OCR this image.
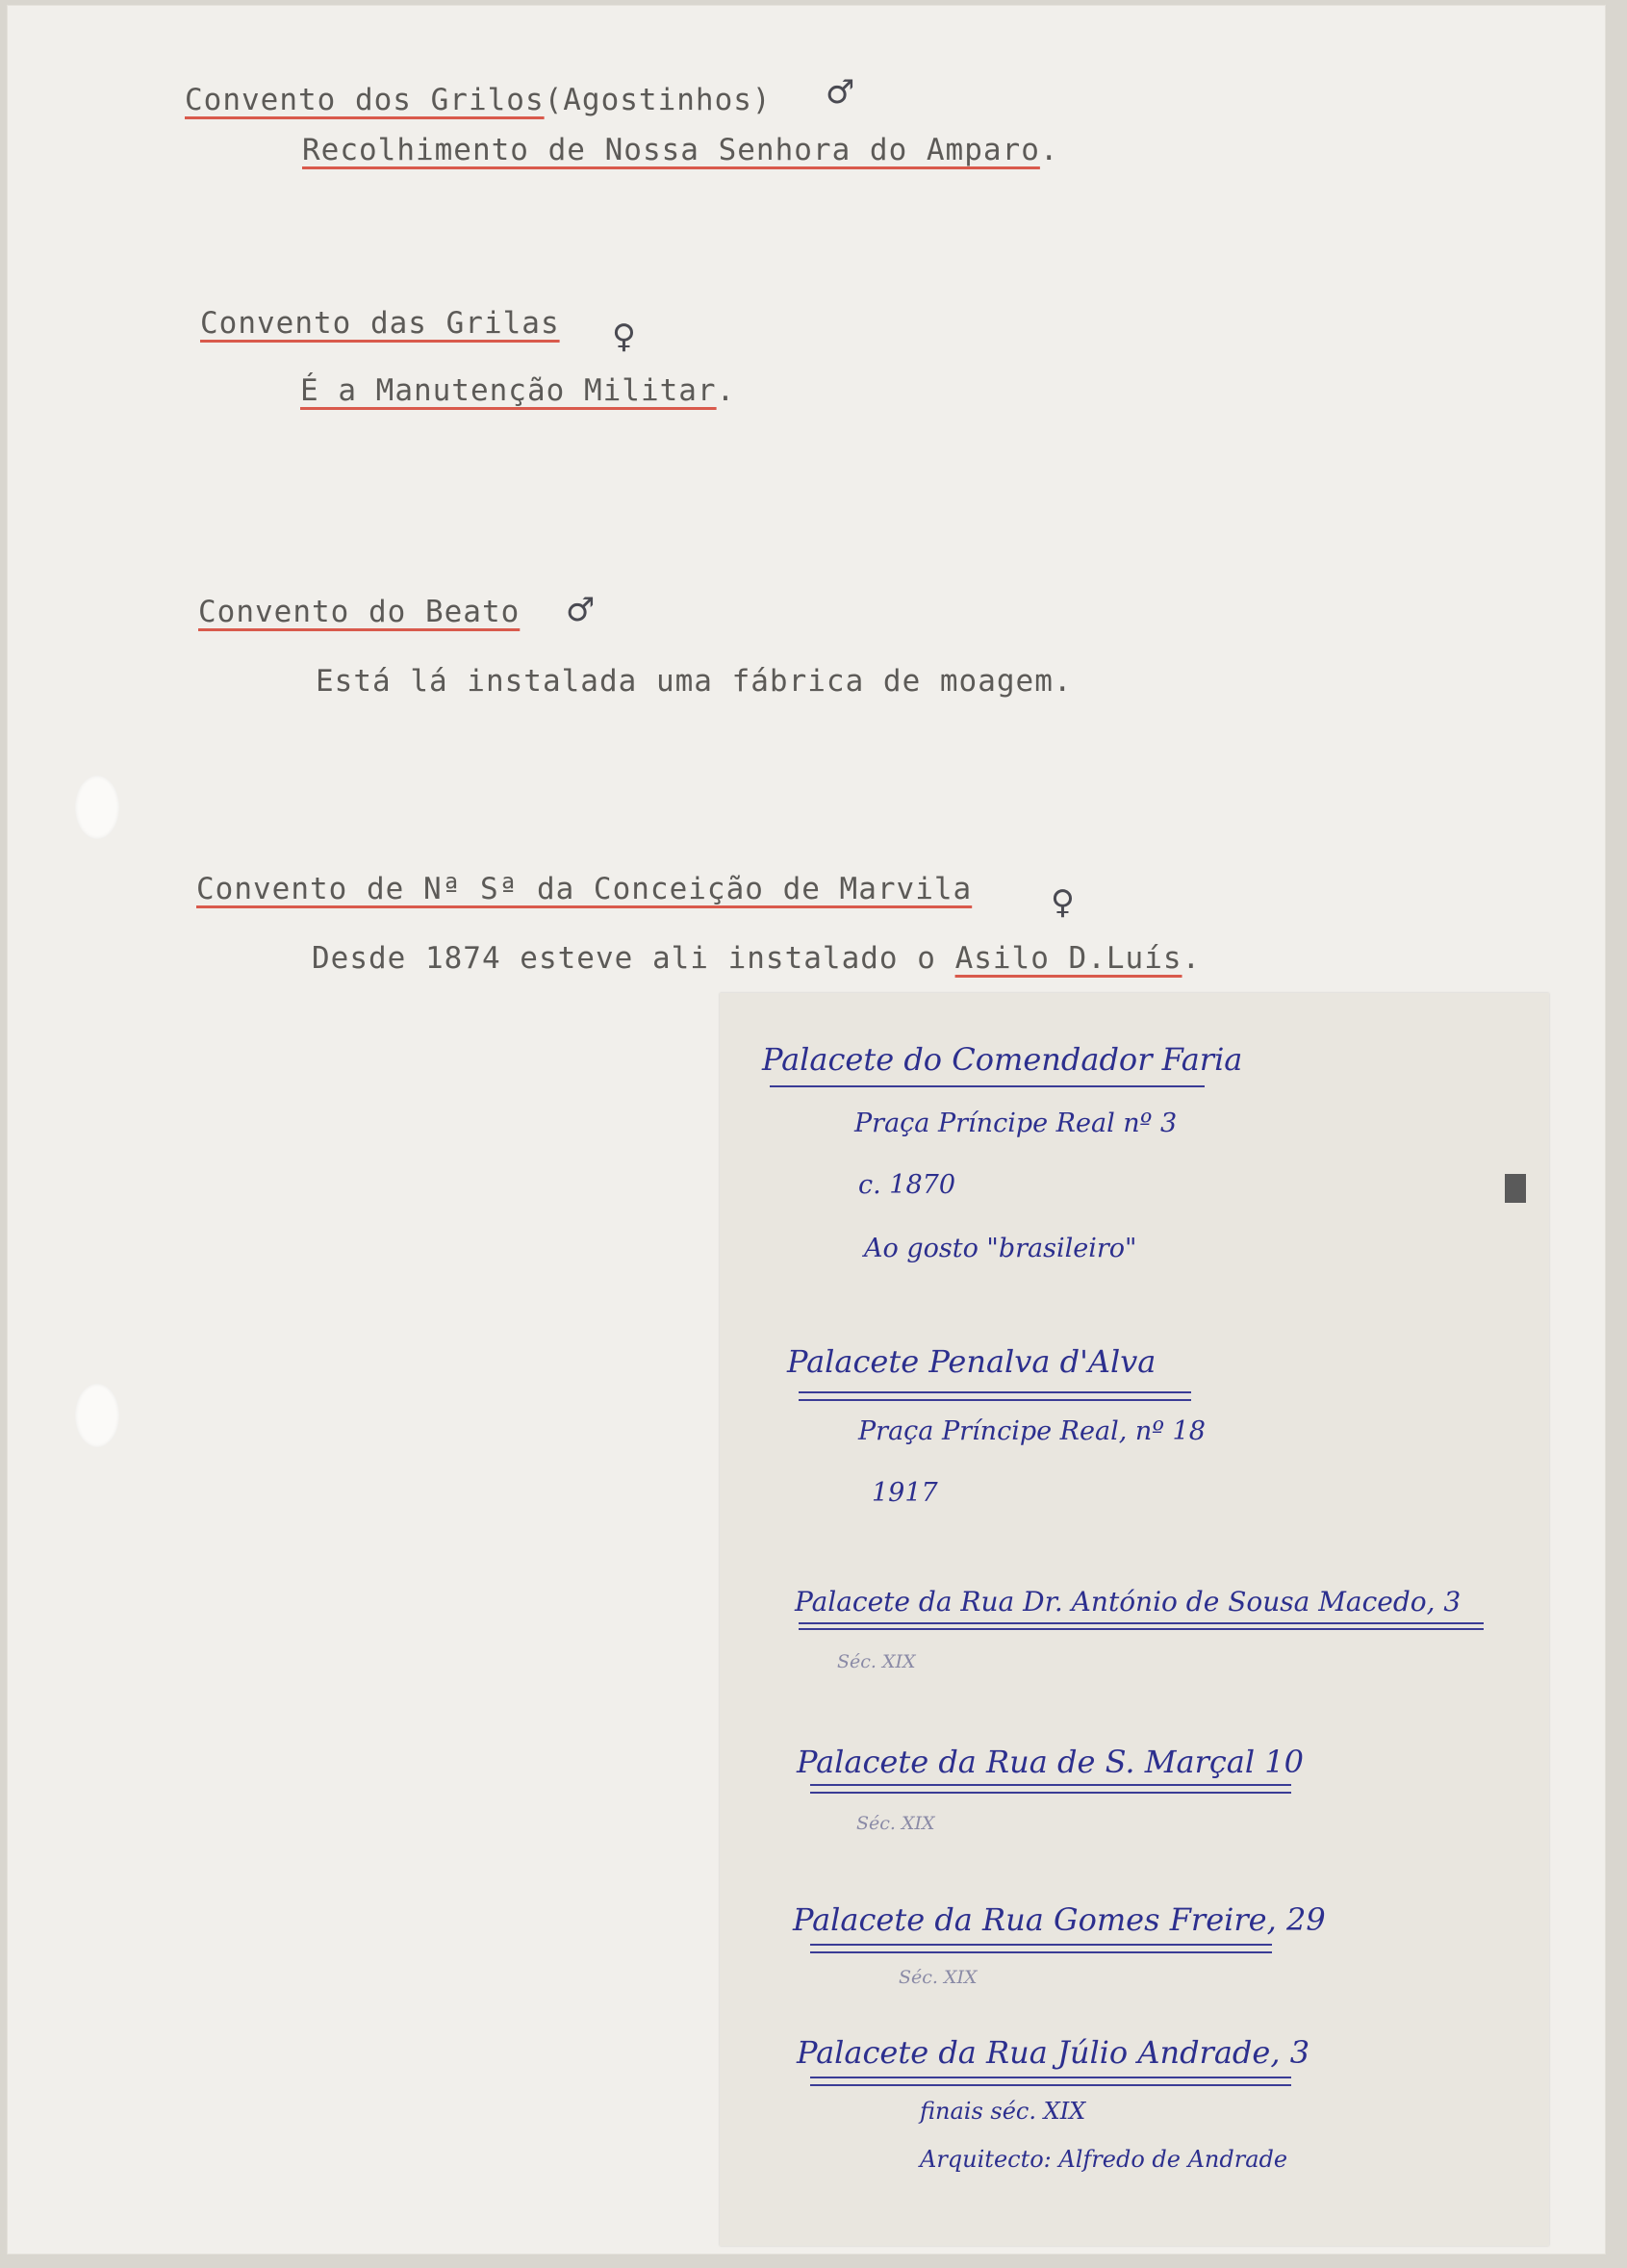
Convento dos Grilos(Agostinhos) ♂
Recolhimento de Nossa Senhora do Amparo.
Convento das Grilas ♀
É a Manutenção Militar.
Convento do Beato ♂
Está lá instalada uma fábrica de moagem.
Convento de Nª Sª da Conceição de Marvila ♀
Desde 1874 esteve ali instalado o Asilo D.Luís.
Palacete do Comendador Faria
Praça Príncipe Real nº 3
c. 1870
Ao gosto "brasileiro"
Palacete Penalva d'Alva
Praça Príncipe Real, nº 18
1917
Palacete da Rua Dr. António de Sousa Macedo, 3
Séc. XIX
Palacete da Rua de S. Marçal 10
Séc. XIX
Palacete da Rua Gomes Freire, 29
Séc. XIX
Palacete da Rua Júlio Andrade, 3
finais séc. XIX
Arquitecto: Alfredo de Andrade
